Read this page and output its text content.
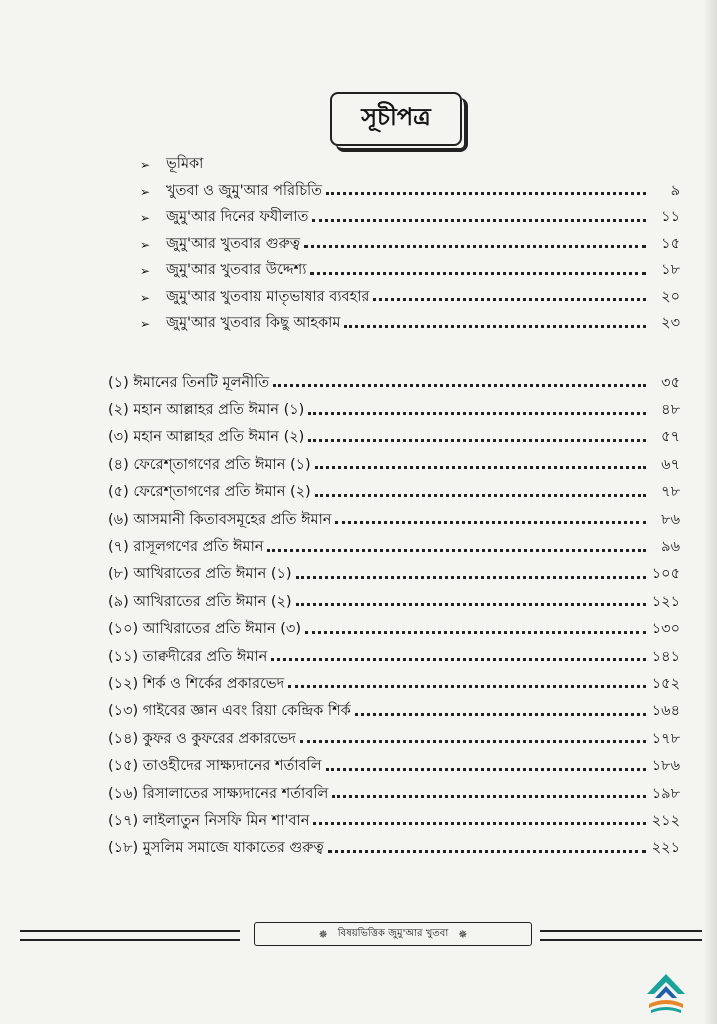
সূচীপত্র
➢	ভূমিকা
➢	খুতবা ও জুমু'আর পরিচিতি	৯
➢	জুমু'আর দিনের ফযীলাত	১১
➢	জুমু'আর খুতবার গুরুত্ব	১৫
➢	জুমু'আর খুতবার উদ্দেশ্য	১৮
➢	জুমু'আর খুতবায় মাতৃভাষার ব্যবহার	২০
➢	জুমু'আর খুতবার কিছু আহকাম	২৩
(১) ঈমানের তিনটি মূলনীতি	৩৫
(২) মহান আল্লাহর প্রতি ঈমান (১)	৪৮
(৩) মহান আল্লাহর প্রতি ঈমান (২)	৫৭
(৪) ফেরেশ্‌তাগণের প্রতি ঈমান (১)	৬৭
(৫) ফেরেশ্‌তাগণের প্রতি ঈমান (২)	৭৮
(৬) আসমানী কিতাবসমূহের প্রতি ঈমান	৮৬
(৭) রাসূলগণের প্রতি ঈমান	৯৬
(৮) আখিরাতের প্রতি ঈমান (১)	১০৫
(৯) আখিরাতের প্রতি ঈমান (২)	১২১
(১০) আখিরাতের প্রতি ঈমান (৩)	১৩০
(১১) তাক্বদীরের প্রতি ঈমান	১৪১
(১২) শির্ক ও শির্কের প্রকারভেদ	১৫২
(১৩) গাইবের জ্ঞান এবং রিয়া কেন্দ্রিক শির্ক	১৬৪
(১৪) কুফর ও কুফরের প্রকারভেদ	১৭৮
(১৫) তাওহীদের সাক্ষ্যদানের শর্তাবলি	১৮৬
(১৬) রিসালাতের সাক্ষ্যদানের শর্তাবলি	১৯৮
(১৭) লাইলাতুন নিসফি মিন শা'বান	২১২
(১৮) মুসলিম সমাজে যাকাতের গুরুত্ব	২২১
✵ বিষয়ভিত্তিক জুমু'আর খুতবা ✵
